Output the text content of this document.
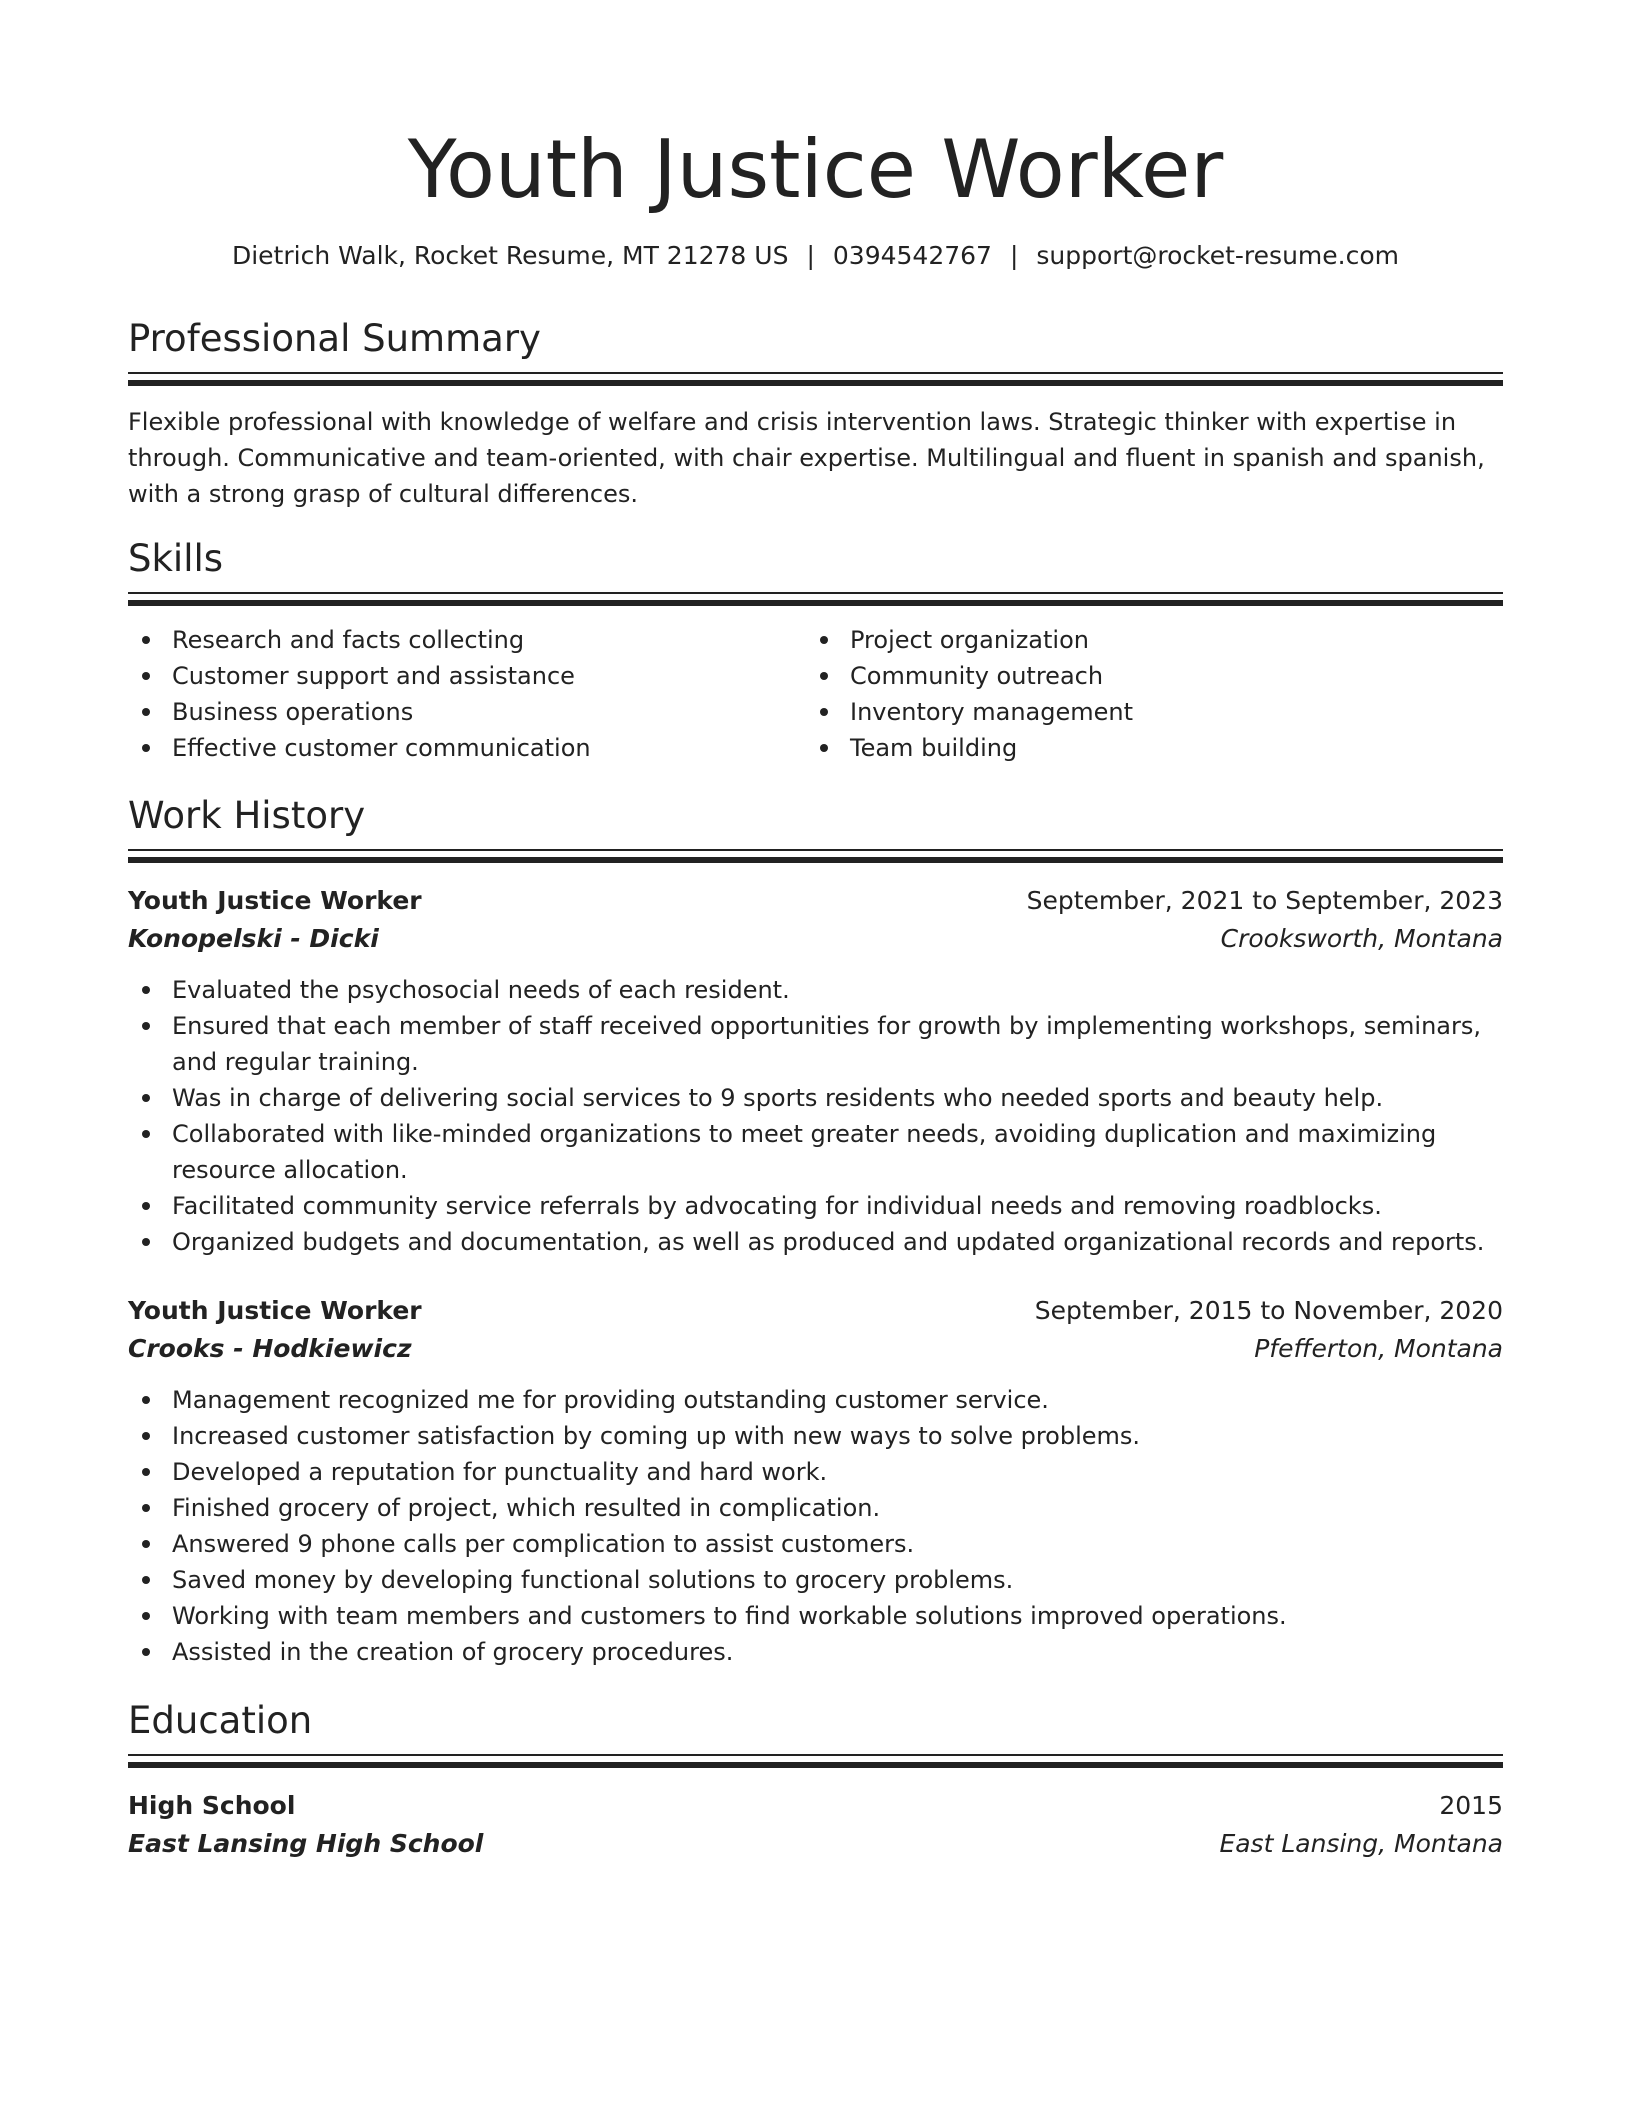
Youth Justice Worker
Dietrich Walk, Rocket Resume, MT 21278 US | 0394542767 | support@rocket-resume.com
Professional Summary
Flexible professional with knowledge of welfare and crisis intervention laws. Strategic thinker with expertise in through. Communicative and team-oriented, with chair expertise. Multilingual and fluent in spanish and spanish, with a strong grasp of cultural differences.
Skills
Research and facts collecting
Customer support and assistance
Business operations
Effective customer communication
Project organization
Community outreach
Inventory management
Team building
Work History
Youth Justice Worker	September, 2021 to September, 2023
Konopelski - Dicki	Crooksworth, Montana
Evaluated the psychosocial needs of each resident.
Ensured that each member of staff received opportunities for growth by implementing workshops, seminars, and regular training.
Was in charge of delivering social services to 9 sports residents who needed sports and beauty help.
Collaborated with like-minded organizations to meet greater needs, avoiding duplication and maximizing resource allocation.
Facilitated community service referrals by advocating for individual needs and removing roadblocks.
Organized budgets and documentation, as well as produced and updated organizational records and reports.
Youth Justice Worker	September, 2015 to November, 2020
Crooks - Hodkiewicz	Pfefferton, Montana
Management recognized me for providing outstanding customer service.
Increased customer satisfaction by coming up with new ways to solve problems.
Developed a reputation for punctuality and hard work.
Finished grocery of project, which resulted in complication.
Answered 9 phone calls per complication to assist customers.
Saved money by developing functional solutions to grocery problems.
Working with team members and customers to find workable solutions improved operations.
Assisted in the creation of grocery procedures.
Education
High School	2015
East Lansing High School	East Lansing, Montana
